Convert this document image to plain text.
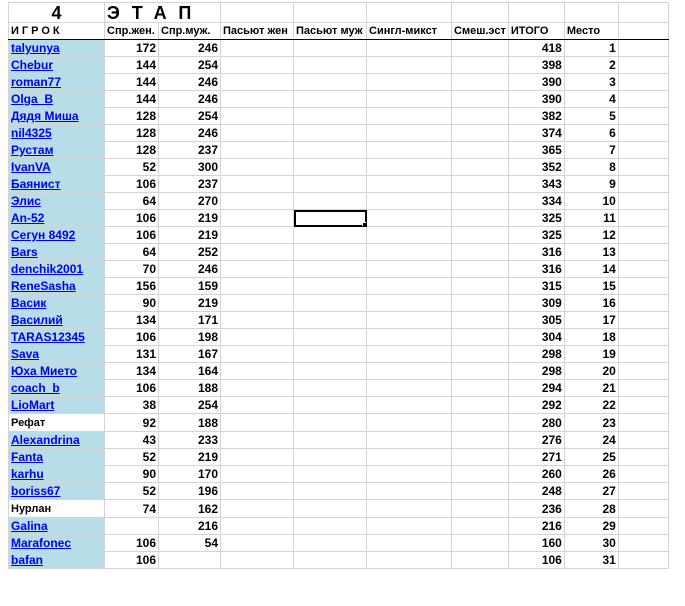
4	ЭТАП								
ИГРОК	Спр.жен.	Спр.муж.	Пасьют жен	Пасьют муж	Сингл-микст	Смеш.эст	ИТОГО	Место	
talyunya	172	246					418	1	
Chebur	144	254					398	2	
roman77	144	246					390	3	
Olga_B	144	246					390	4	
Дядя Миша	128	254					382	5	
nil4325	128	246					374	6	
Рустам	128	237					365	7	
IvanVA	52	300					352	8	
Баянист	106	237					343	9	
Элис	64	270					334	10	
An-52	106	219					325	11	
Сегун 8492	106	219					325	12	
Bars	64	252					316	13	
denchik2001	70	246					316	14	
ReneSasha	156	159					315	15	
Васик	90	219					309	16	
Василий	134	171					305	17	
TARAS12345	106	198					304	18	
Sava	131	167					298	19	
Юха Мието	134	164					298	20	
coach_b	106	188					294	21	
LioMart	38	254					292	22	
Рефат	92	188					280	23	
Alexandrina	43	233					276	24	
Fanta	52	219					271	25	
karhu	90	170					260	26	
boriss67	52	196					248	27	
Нурлан	74	162					236	28	
Galina		216					216	29	
Marafonec	106	54					160	30	
bafan	106						106	31	
